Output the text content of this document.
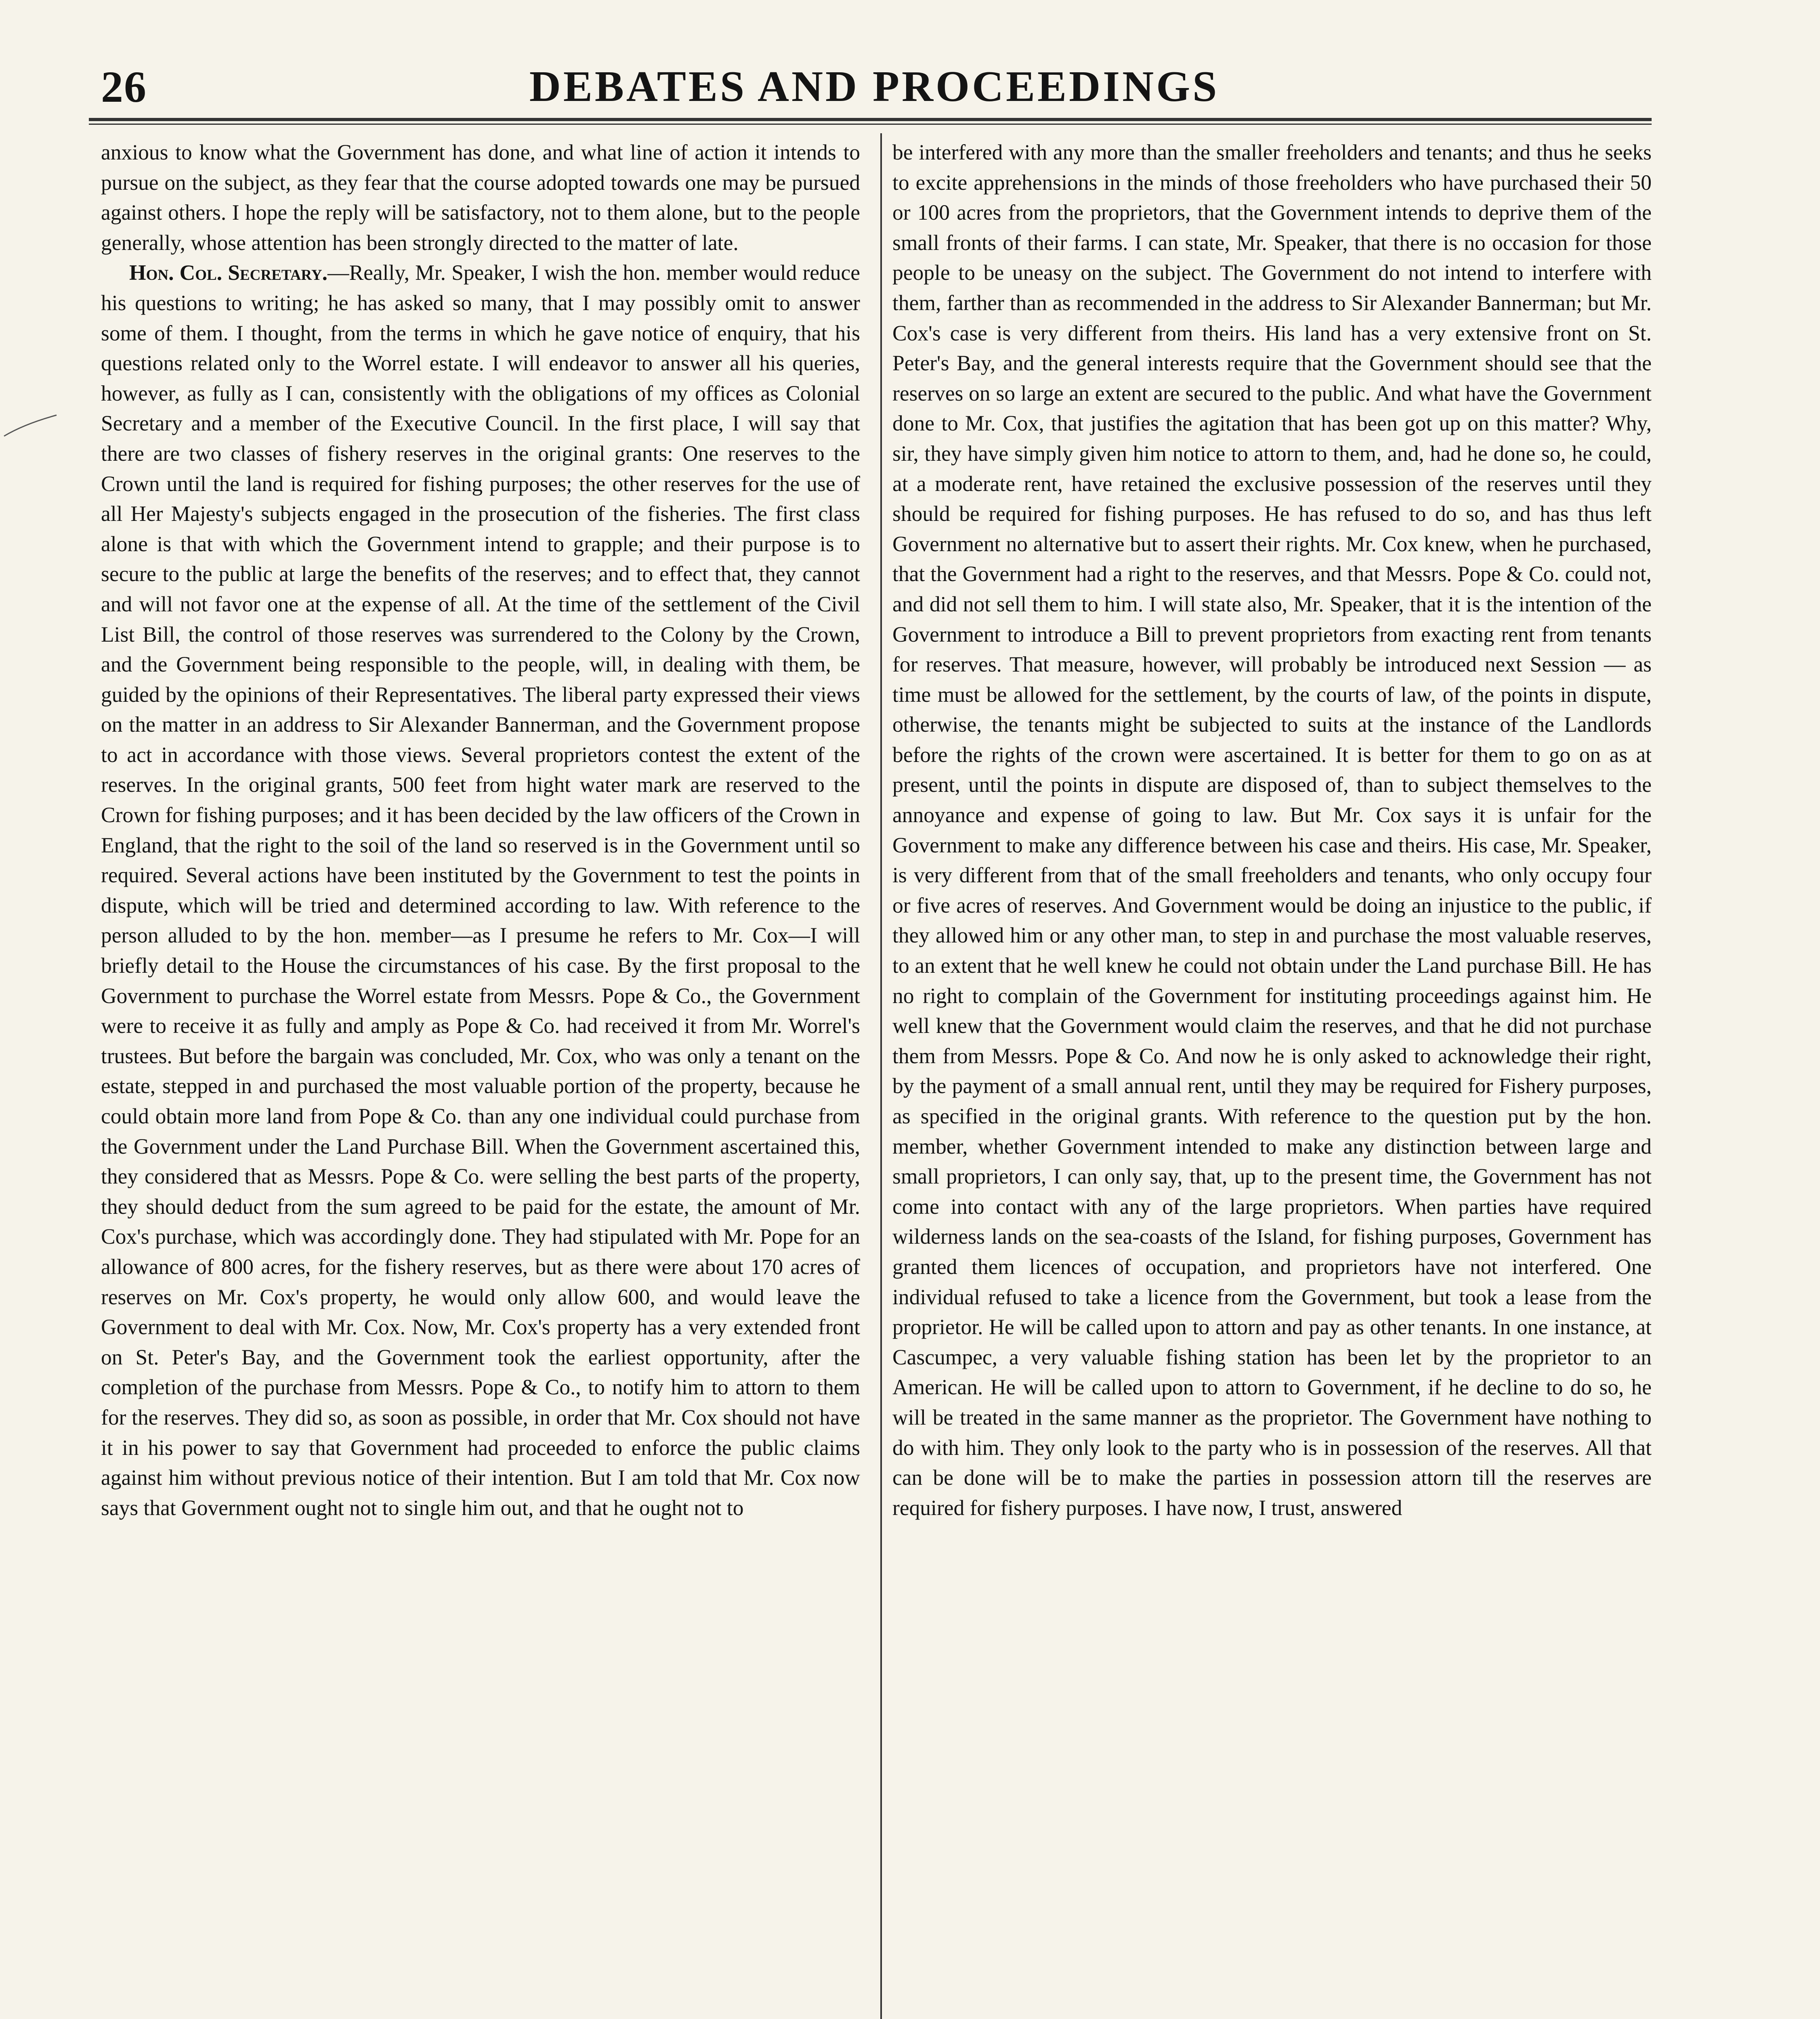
26	DEBATES AND PROCEEDINGS

anxious to know what the Government has done, and what line of action it intends to pursue on the subject, as they fear that the course adopted towards one may be pursued against others. I hope the reply will be satisfactory, not to them alone, but to the people generally, whose attention has been strongly directed to the matter of late.

Hon. Col. Secretary.—Really, Mr. Speaker, I wish the hon. member would reduce his questions to writing; he has asked so many, that I may possibly omit to answer some of them. I thought, from the terms in which he gave notice of enquiry, that his questions related only to the Worrel estate. I will endeavor to answer all his queries, however, as fully as I can, consistently with the obligations of my offices as Colonial Secretary and a member of the Executive Council. In the first place, I will say that there are two classes of fishery reserves in the original grants: One reserves to the Crown until the land is required for fishing purposes; the other reserves for the use of all Her Majesty's subjects engaged in the prosecution of the fisheries. The first class alone is that with which the Government intend to grapple; and their purpose is to secure to the public at large the benefits of the reserves; and to effect that, they cannot and will not favor one at the expense of all. At the time of the settlement of the Civil List Bill, the control of those reserves was surrendered to the Colony by the Crown, and the Government being responsible to the people, will, in dealing with them, be guided by the opinions of their Representatives. The liberal party expressed their views on the matter in an address to Sir Alexander Bannerman, and the Government propose to act in accordance with those views. Several proprietors contest the extent of the reserves. In the original grants, 500 feet from hight water mark are reserved to the Crown for fishing purposes; and it has been decided by the law officers of the Crown in England, that the right to the soil of the land so reserved is in the Government until so required. Several actions have been instituted by the Government to test the points in dispute, which will be tried and determined according to law. With reference to the person alluded to by the hon. member—as I presume he refers to Mr. Cox—I will briefly detail to the House the circumstances of his case. By the first proposal to the Government to purchase the Worrel estate from Messrs. Pope & Co., the Government were to receive it as fully and amply as Pope & Co. had received it from Mr. Worrel's trustees. But before the bargain was concluded, Mr. Cox, who was only a tenant on the estate, stepped in and purchased the most valuable portion of the property, because he could obtain more land from Pope & Co. than any one individual could purchase from the Government under the Land Purchase Bill. When the Government ascertained this, they considered that as Messrs. Pope & Co. were selling the best parts of the property, they should deduct from the sum agreed to be paid for the estate, the amount of Mr. Cox's purchase, which was accordingly done. They had stipulated with Mr. Pope for an allowance of 800 acres, for the fishery reserves, but as there were about 170 acres of reserves on Mr. Cox's property, he would only allow 600, and would leave the Government to deal with Mr. Cox. Now, Mr. Cox's property has a very extended front on St. Peter's Bay, and the Government took the earliest opportunity, after the completion of the purchase from Messrs. Pope & Co., to notify him to attorn to them for the reserves. They did so, as soon as possible, in order that Mr. Cox should not have it in his power to say that Government had proceeded to enforce the public claims against him without previous notice of their intention. But I am told that Mr. Cox now says that Government ought not to single him out, and that he ought not to

be interfered with any more than the smaller freeholders and tenants; and thus he seeks to excite apprehensions in the minds of those freeholders who have purchased their 50 or 100 acres from the proprietors, that the Government intends to deprive them of the small fronts of their farms. I can state, Mr. Speaker, that there is no occasion for those people to be uneasy on the subject. The Government do not intend to interfere with them, farther than as recommended in the address to Sir Alexander Bannerman; but Mr. Cox's case is very different from theirs. His land has a very extensive front on St. Peter's Bay, and the general interests require that the Government should see that the reserves on so large an extent are secured to the public. And what have the Government done to Mr. Cox, that justifies the agitation that has been got up on this matter? Why, sir, they have simply given him notice to attorn to them, and, had he done so, he could, at a moderate rent, have retained the exclusive possession of the reserves until they should be required for fishing purposes. He has refused to do so, and has thus left Government no alternative but to assert their rights. Mr. Cox knew, when he purchased, that the Government had a right to the reserves, and that Messrs. Pope & Co. could not, and did not sell them to him. I will state also, Mr. Speaker, that it is the intention of the Government to introduce a Bill to prevent proprietors from exacting rent from tenants for reserves. That measure, however, will probably be introduced next Session — as time must be allowed for the settlement, by the courts of law, of the points in dispute, otherwise, the tenants might be subjected to suits at the instance of the Landlords before the rights of the crown were ascertained. It is better for them to go on as at present, until the points in dispute are disposed of, than to subject themselves to the annoyance and expense of going to law. But Mr. Cox says it is unfair for the Government to make any difference between his case and theirs. His case, Mr. Speaker, is very different from that of the small freeholders and tenants, who only occupy four or five acres of reserves. And Government would be doing an injustice to the public, if they allowed him or any other man, to step in and purchase the most valuable reserves, to an extent that he well knew he could not obtain under the Land purchase Bill. He has no right to complain of the Government for instituting proceedings against him. He well knew that the Government would claim the reserves, and that he did not purchase them from Messrs. Pope & Co. And now he is only asked to acknowledge their right, by the payment of a small annual rent, until they may be required for Fishery purposes, as specified in the original grants. With reference to the question put by the hon. member, whether Government intended to make any distinction between large and small proprietors, I can only say, that, up to the present time, the Government has not come into contact with any of the large proprietors. When parties have required wilderness lands on the sea-coasts of the Island, for fishing purposes, Government has granted them licences of occupation, and proprietors have not interfered. One individual refused to take a licence from the Government, but took a lease from the proprietor. He will be called upon to attorn and pay as other tenants. In one instance, at Cascumpec, a very valuable fishing station has been let by the proprietor to an American. He will be called upon to attorn to Government, if he decline to do so, he will be treated in the same manner as the proprietor. The Government have nothing to do with him. They only look to the party who is in possession of the reserves. All that can be done will be to make the parties in possession attorn till the reserves are required for fishery purposes. I have now, I trust, answered
